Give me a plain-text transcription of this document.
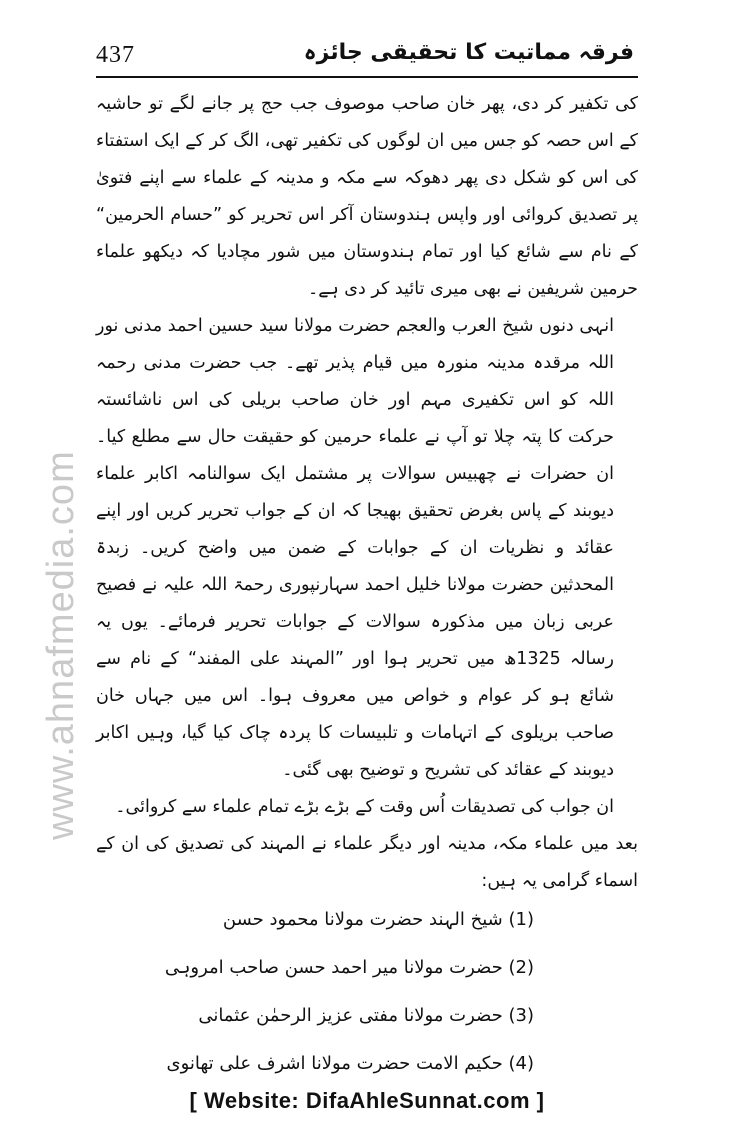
437	فرقہ مماتیت کا تحقیقی جائزہ
www.ahnafmedia.com

کی تکفیر کر دی، پھر خان صاحب موصوف جب حج پر جانے لگے تو حاشیہ کے اس حصہ کو جس میں ان لوگوں کی تکفیر تھی، الگ کر کے ایک استفتاء کی اس کو شکل دی پھر دھوکہ سے مکہ و مدینہ کے علماء سے اپنے فتویٰ پر تصدیق کروائی اور واپس ہندوستان آکر اس تحریر کو ”حسام الحرمین“ کے نام سے شائع کیا اور تمام ہندوستان میں شور مچادیا کہ دیکھو علماء حرمین شریفین نے بھی میری تائید کر دی ہے۔

انہی دنوں شیخ العرب والعجم حضرت مولانا سید حسین احمد مدنی نور اللہ مرقدہ مدینہ منورہ میں قیام پذیر تھے۔ جب حضرت مدنی رحمہ اللہ کو اس تکفیری مہم اور خان صاحب بریلی کی اس ناشائستہ حرکت کا پتہ چلا تو آپ نے علماء حرمین کو حقیقت حال سے مطلع کیا۔ ان حضرات نے چھبیس سوالات پر مشتمل ایک سوالنامہ اکابر علماء دیوبند کے پاس بغرض تحقیق بھیجا کہ ان کے جواب تحریر کریں اور اپنے عقائد و نظریات ان کے جوابات کے ضمن میں واضح کریں۔ زبدۃ المحدثین حضرت مولانا خلیل احمد سہارنپوری رحمۃ اللہ علیہ نے فصیح عربی زبان میں مذکورہ سوالات کے جوابات تحریر فرمائے۔ یوں یہ رسالہ 1325ھ میں تحریر ہوا اور ”المہند علی المفند“ کے نام سے شائع ہو کر عوام و خواص میں معروف ہوا۔ اس میں جہاں خان صاحب بریلوی کے اتہامات و تلبیسات کا پردہ چاک کیا گیا، وہیں اکابر دیوبند کے عقائد کی تشریح و توضیح بھی گئی۔

ان جواب کی تصدیقات اُس وقت کے بڑے بڑے تمام علماء سے کروائی۔

بعد میں علماء مکہ، مدینہ اور دیگر علماء نے المہند کی تصدیق کی ان کے اسماء گرامی یہ ہیں:

(1) شیخ الہند حضرت مولانا محمود حسن
(2) حضرت مولانا میر احمد حسن صاحب امروہی
(3) حضرت مولانا مفتی عزیز الرحمٰن عثمانی
(4) حکیم الامت حضرت مولانا اشرف علی تھانوی
[ Website: DifaAhleSunnat.com ]
